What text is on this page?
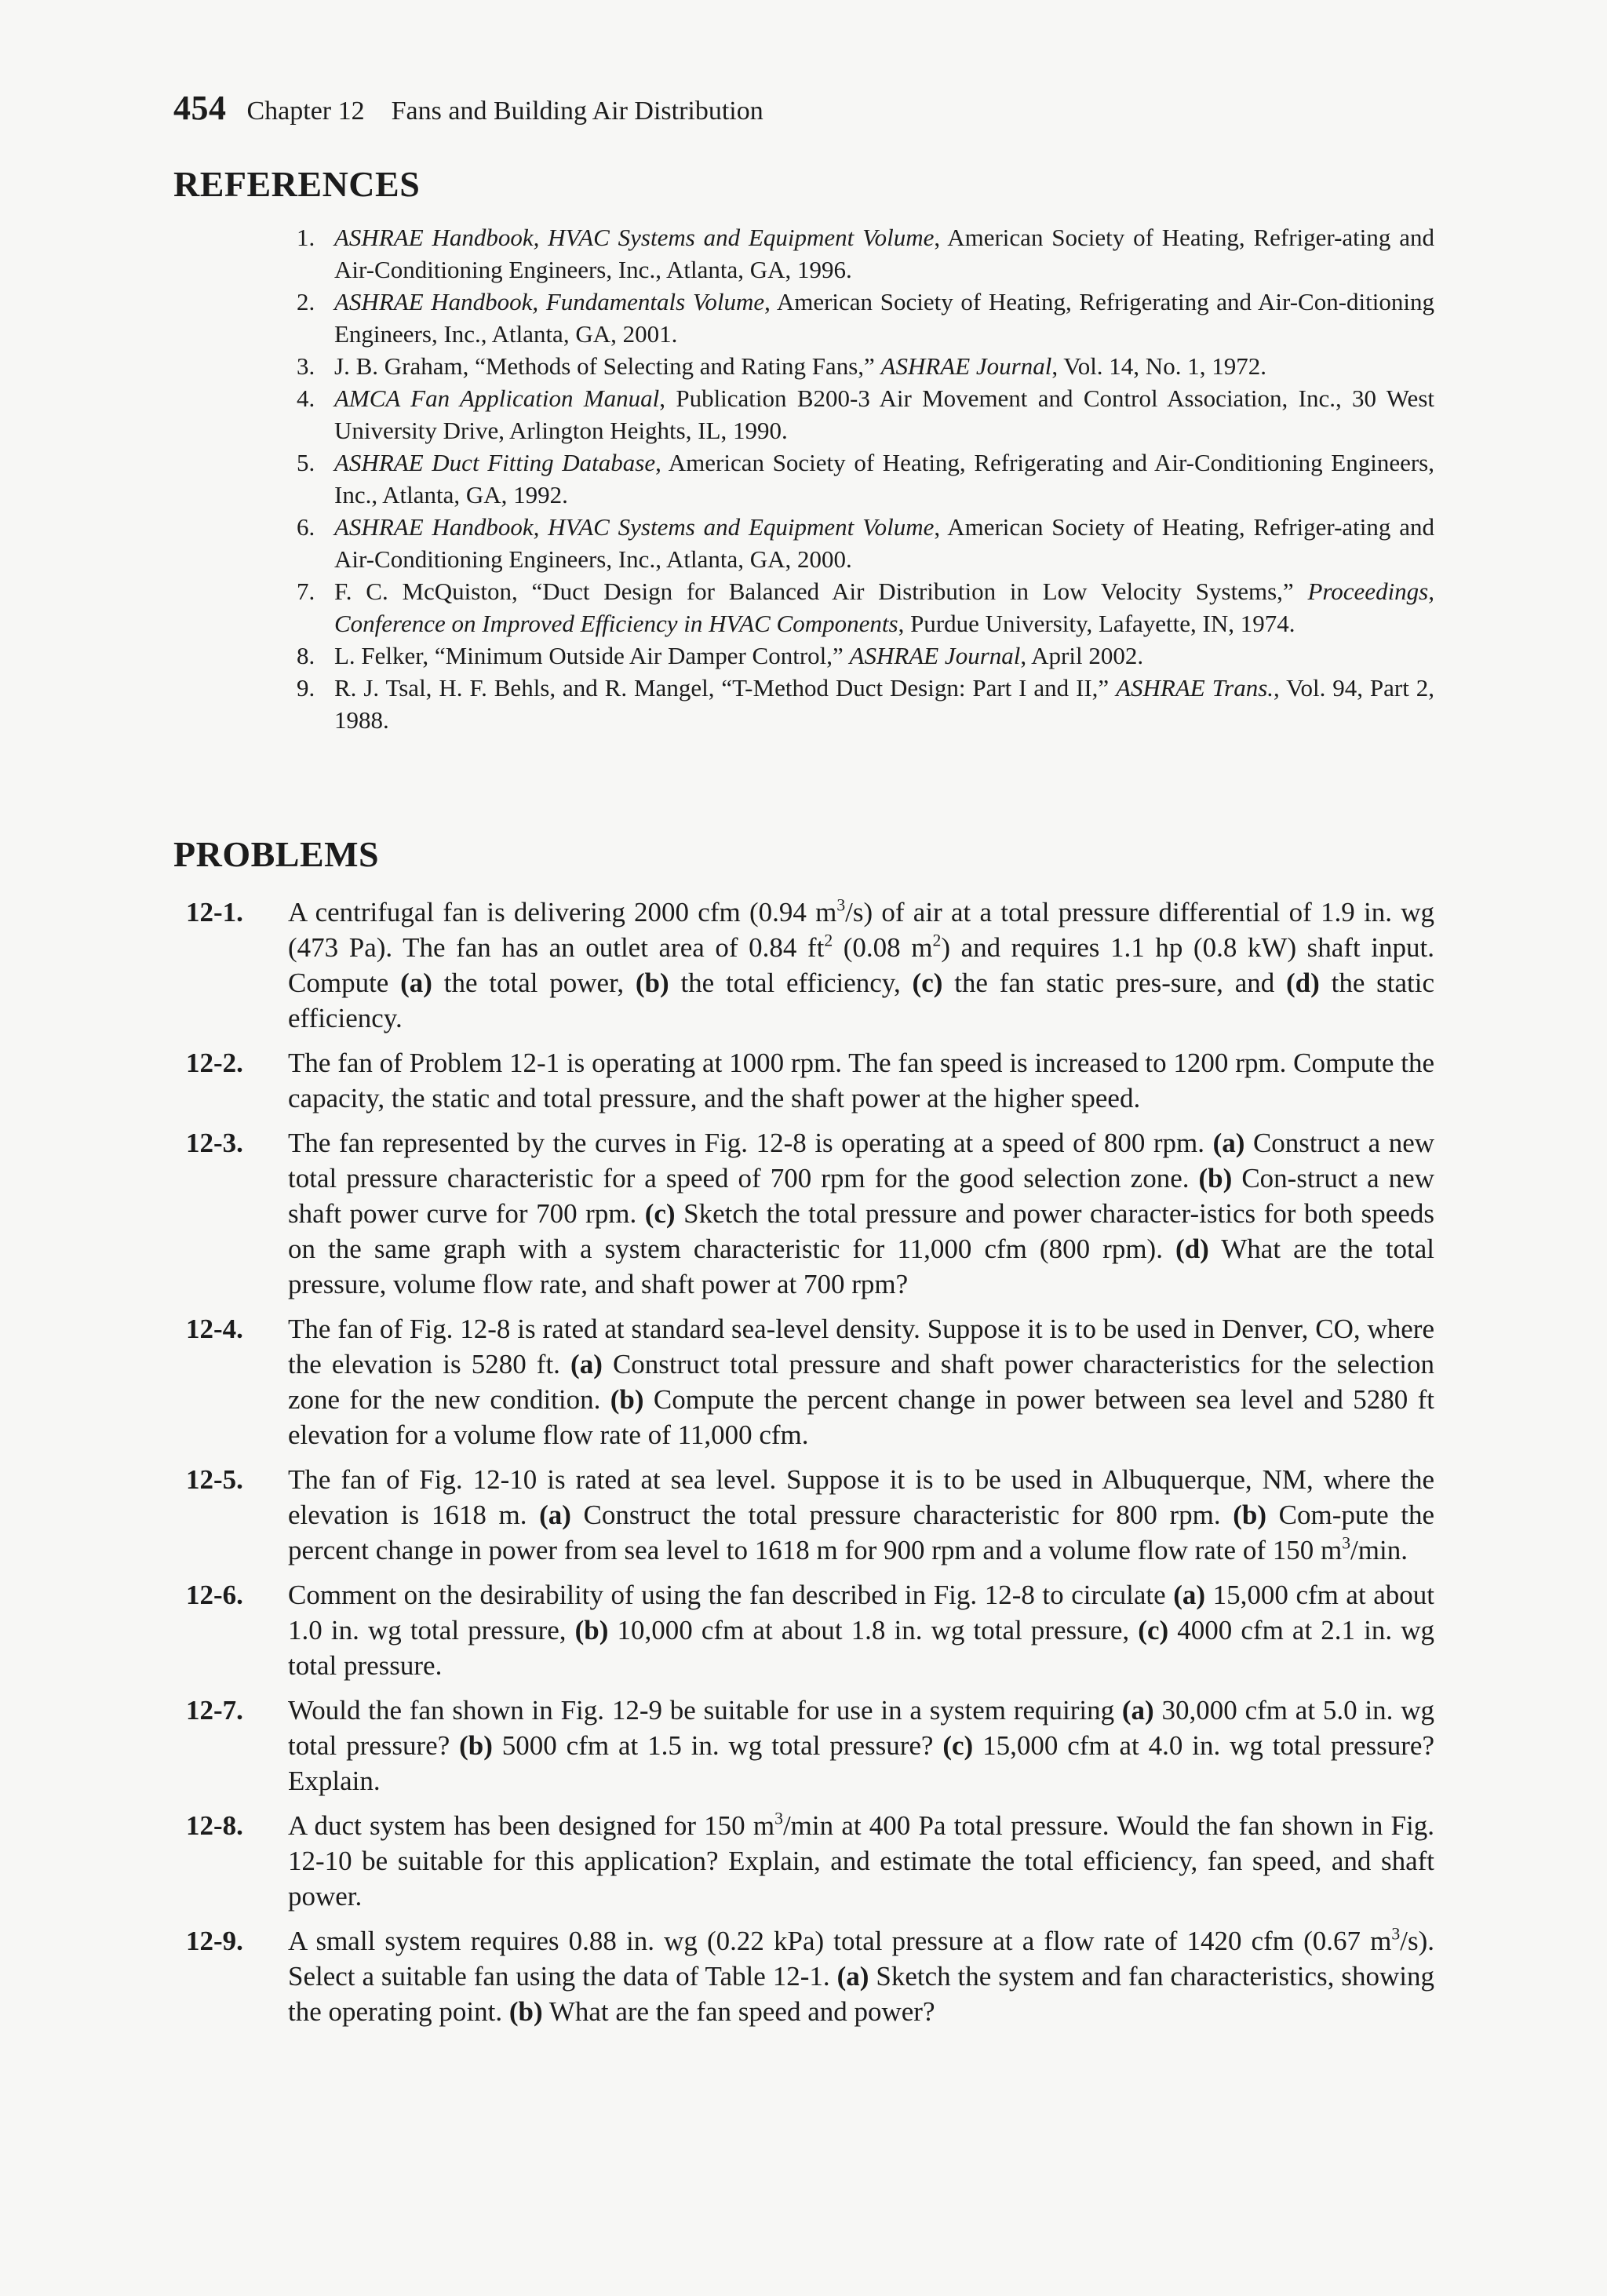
454 Chapter 12    Fans and Building Air Distribution
REFERENCES
1. ASHRAE Handbook, HVAC Systems and Equipment Volume, American Society of Heating, Refriger-ating and Air-Conditioning Engineers, Inc., Atlanta, GA, 1996.
2. ASHRAE Handbook, Fundamentals Volume, American Society of Heating, Refrigerating and Air-Con-ditioning Engineers, Inc., Atlanta, GA, 2001.
3. J. B. Graham, “Methods of Selecting and Rating Fans,” ASHRAE Journal, Vol. 14, No. 1, 1972.
4. AMCA Fan Application Manual, Publication B200-3 Air Movement and Control Association, Inc., 30 West University Drive, Arlington Heights, IL, 1990.
5. ASHRAE Duct Fitting Database, American Society of Heating, Refrigerating and Air-Conditioning Engineers, Inc., Atlanta, GA, 1992.
6. ASHRAE Handbook, HVAC Systems and Equipment Volume, American Society of Heating, Refriger-ating and Air-Conditioning Engineers, Inc., Atlanta, GA, 2000.
7. F. C. McQuiston, “Duct Design for Balanced Air Distribution in Low Velocity Systems,” Proceedings, Conference on Improved Efficiency in HVAC Components, Purdue University, Lafayette, IN, 1974.
8. L. Felker, “Minimum Outside Air Damper Control,” ASHRAE Journal, April 2002.
9. R. J. Tsal, H. F. Behls, and R. Mangel, “T-Method Duct Design: Part I and II,” ASHRAE Trans., Vol. 94, Part 2, 1988.
PROBLEMS
12-1. A centrifugal fan is delivering 2000 cfm (0.94 $m^3/s$) of air at a total pressure differential of 1.9 in. wg (473 Pa). The fan has an outlet area of 0.84 $ft^2$ (0.08 $m^2$) and requires 1.1 hp (0.8 kW) shaft input. Compute (a) the total power, (b) the total efficiency, (c) the fan static pres-sure, and (d) the static efficiency.
12-2. The fan of Problem 12-1 is operating at 1000 rpm. The fan speed is increased to 1200 rpm. Compute the capacity, the static and total pressure, and the shaft power at the higher speed.
12-3. The fan represented by the curves in Fig. 12-8 is operating at a speed of 800 rpm. (a) Construct a new total pressure characteristic for a speed of 700 rpm for the good selection zone. (b) Con-struct a new shaft power curve for 700 rpm. (c) Sketch the total pressure and power character-istics for both speeds on the same graph with a system characteristic for 11,000 cfm (800 rpm). (d) What are the total pressure, volume flow rate, and shaft power at 700 rpm?
12-4. The fan of Fig. 12-8 is rated at standard sea-level density. Suppose it is to be used in Denver, CO, where the elevation is 5280 ft. (a) Construct total pressure and shaft power characteristics for the selection zone for the new condition. (b) Compute the percent change in power between sea level and 5280 ft elevation for a volume flow rate of 11,000 cfm.
12-5. The fan of Fig. 12-10 is rated at sea level. Suppose it is to be used in Albuquerque, NM, where the elevation is 1618 m. (a) Construct the total pressure characteristic for 800 rpm. (b) Com-pute the percent change in power from sea level to 1618 m for 900 rpm and a volume flow rate of 150 $m^3/\min$.
12-6. Comment on the desirability of using the fan described in Fig. 12-8 to circulate (a) 15,000 cfm at about 1.0 in. wg total pressure, (b) 10,000 cfm at about 1.8 in. wg total pressure, (c) 4000 cfm at 2.1 in. wg total pressure.
12-7. Would the fan shown in Fig. 12-9 be suitable for use in a system requiring (a) 30,000 cfm at 5.0 in. wg total pressure? (b) 5000 cfm at 1.5 in. wg total pressure? (c) 15,000 cfm at 4.0 in. wg total pressure? Explain.
12-8. A duct system has been designed for 150 $m^3/\min$ at 400 Pa total pressure. Would the fan shown in Fig. 12-10 be suitable for this application? Explain, and estimate the total efficiency, fan speed, and shaft power.
12-9. A small system requires 0.88 in. wg (0.22 kPa) total pressure at a flow rate of 1420 cfm (0.67 $m^3/s$). Select a suitable fan using the data of Table 12-1. (a) Sketch the system and fan characteristics, showing the operating point. (b) What are the fan speed and power?
